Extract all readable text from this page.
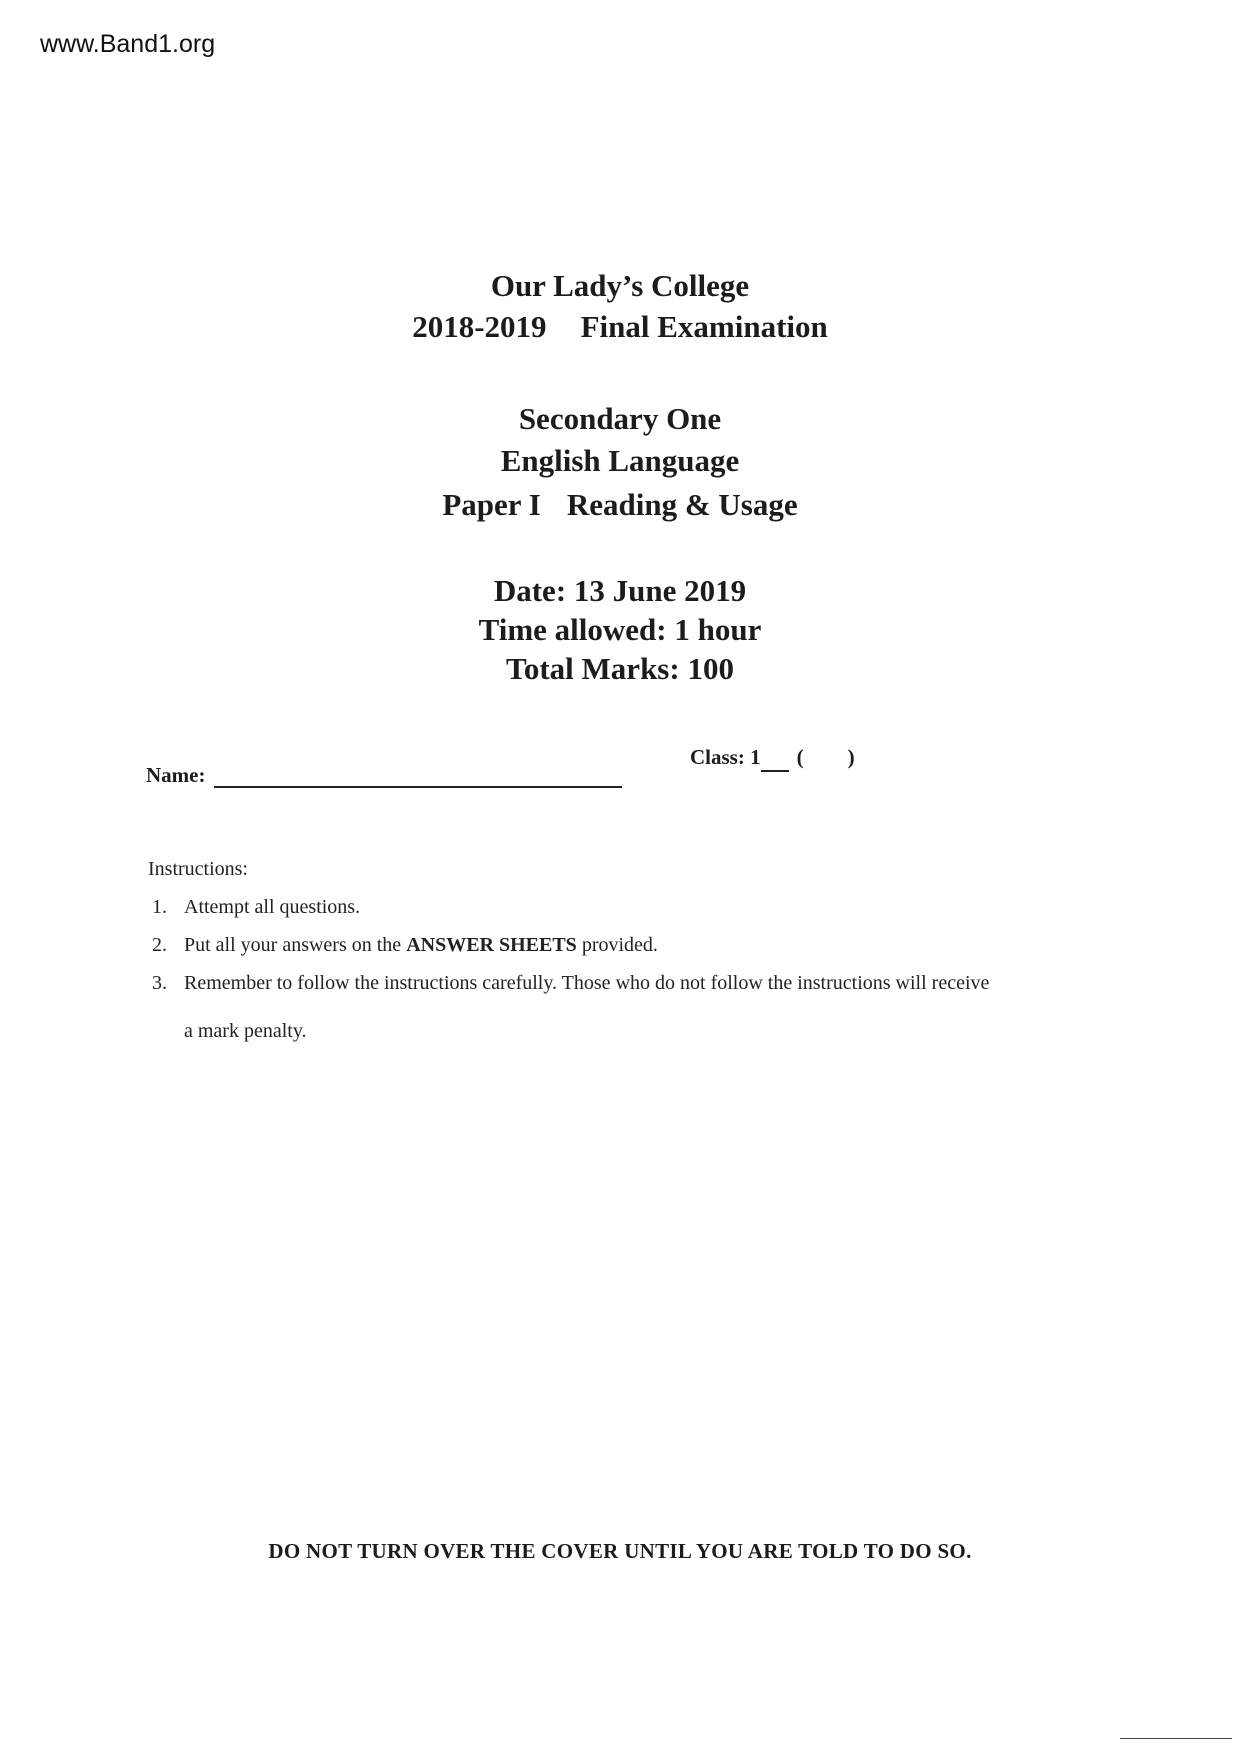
www.Band1.org
Our Lady’s College
2018-2019 Final Examination
Secondary One
English Language
Paper I Reading & Usage
Date: 13 June 2019
Time allowed: 1 hour
Total Marks: 100
Name:
Class: 1 ( )
Instructions:
1. Attempt all questions.
2. Put all your answers on the ANSWER SHEETS provided.
3. Remember to follow the instructions carefully. Those who do not follow the instructions will receive
a mark penalty.
DO NOT TURN OVER THE COVER UNTIL YOU ARE TOLD TO DO SO.
